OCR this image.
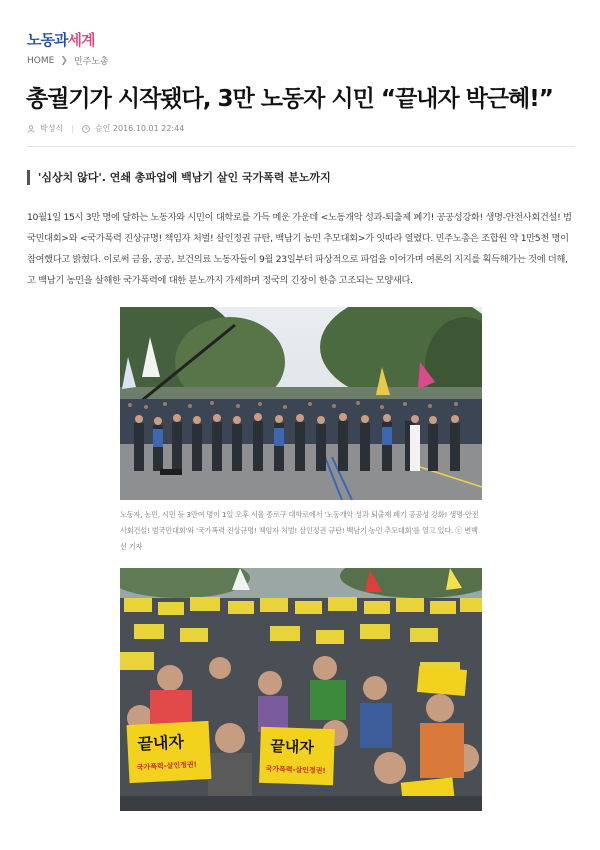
노동과세계
HOME ❯ 민주노총
총궐기가 시작됐다, 3만 노동자 시민 “끝내자 박근혜!”
박성식 |	승인 2016.10.01 22:44
'심상치 않다'. 연쇄 총파업에 백남기 살인 국가폭력 분노까지

10월1일 15시 3만 명에 달하는 노동자와 시민이 대학로를 가득 메운 가운데 <노동개악 성과-퇴출제 폐기! 공공성강화! 생명-안전사회건설! 범국민대회>와 <국가폭력 진상규명! 책임자 처벌! 살인정권 규탄, 백남기 농민 추모대회>가 잇따라 열렸다. 민주노총은 조합원 약 1만5천 명이 참여했다고 밝혔다. 이로써 금융, 공공, 보건의료 노동자들이 9월 23일부터 파상적으로 파업을 이어가며 여론의 지지를 획득해가는 것에 더해, 고 백남기 농민을 살해한 국가폭력에 대한 분노까지 가세하며 정국의 긴장이 한층 고조되는 모양새다.

노동자, 농민, 시민 등 3만여 명이 1일 오후 서울 종로구 대학로에서 '노동개악 성과 퇴출제 폐기 공공성 강화! 생명·안전사회건설! 범국민대회'와 '국가폭력 진상규명! 책임자 처벌! 살인정권 규탄! 백남기 농민 추모대회'를 열고 있다. ⓒ 변백선 기자

끝내자
국가폭력-살인정권!
끝내자
국가폭력-살인정권!
